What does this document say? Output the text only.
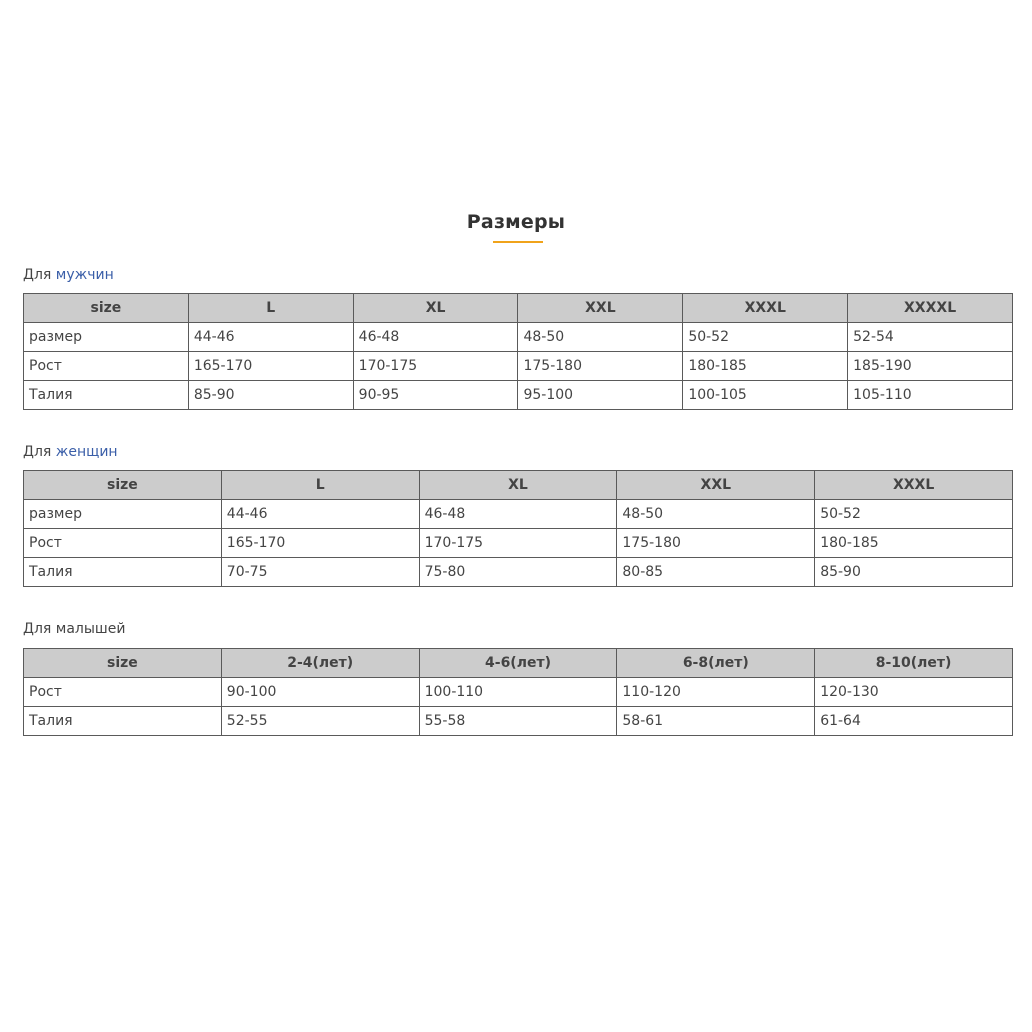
Размеры
Для мужчин
size	L	XL	XXL	XXXL	XXXXL
размер	44-46	46-48	48-50	50-52	52-54
Рост	165-170	170-175	175-180	180-185	185-190
Талия	85-90	90-95	95-100	100-105	105-110
Для женщин
size	L	XL	XXL	XXXL
размер	44-46	46-48	48-50	50-52
Рост	165-170	170-175	175-180	180-185
Талия	70-75	75-80	80-85	85-90
Для малышей
size	2-4(лет)	4-6(лет)	6-8(лет)	8-10(лет)
Рост	90-100	100-110	110-120	120-130
Талия	52-55	55-58	58-61	61-64
